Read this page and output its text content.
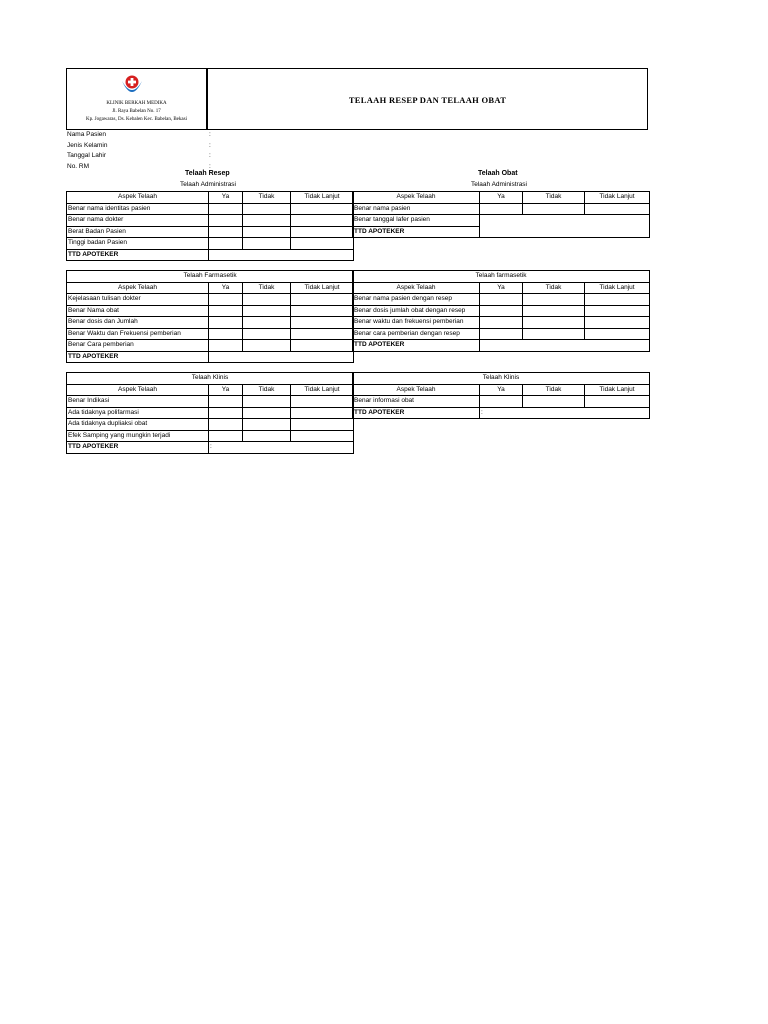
KLINIK BERKAH MEDIKA
Jl. Raya Babelan No. 17
Kp. Jogawaras, Ds. Kebalen Kec. Babelan, Bekasi
TELAAH RESEP DAN TELAAH OBAT
Nama Pasien	:
Jenis Kelamin	:
Tanggal Lahir	:
No. RM	:
Telaah Resep	Telaah Obat
Telaah Administrasi	Telaah Administrasi
Aspek Telaah	Ya	Tidak	Tidak Lanjut
Benar nama identitas pasien			
Benar nama dokter			
Berat Badan Pasien			
Tinggi badan Pasien			
TTD APOTEKER			
Aspek Telaah	Ya	Tidak	Tidak Lanjut
Benar nama pasien			
Benar tanggal lafer pasien			
TTD APOTEKER			
Telaah Farmasetik			
Aspek Telaah	Ya	Tidak	Tidak Lanjut
Kejelasaan tulisan dokter			
Benar Nama obat			
Benar dosis dan Jumlah			
Benar Waktu dan Frekuensi pemberian			
Benar Cara pemberian			
TTD APOTEKER			
Telaah farmasetik			
Aspek Telaah	Ya	Tidak	Tidak Lanjut
Benar nama pasien dengan resep			
Benar dosis jumlah obat dengan resep			
Benar waktu dan frekuensi pemberian			
Benar cara pemberian dengan resep			
TTD APOTEKER			
Telaah Klinis			
Aspek Telaah	Ya	Tidak	Tidak Lanjut
Benar Indikasi			
Ada tidaknya polifarmasi			
Ada tidaknya dupliaksi obat			
Efek Samping yang mungkin terjadi			
TTD APOTEKER	:		
Telaah Klinis			
Aspek Telaah	Ya	Tidak	Tidak Lanjut
Benar informasi obat			
TTD APOTEKER	:		
